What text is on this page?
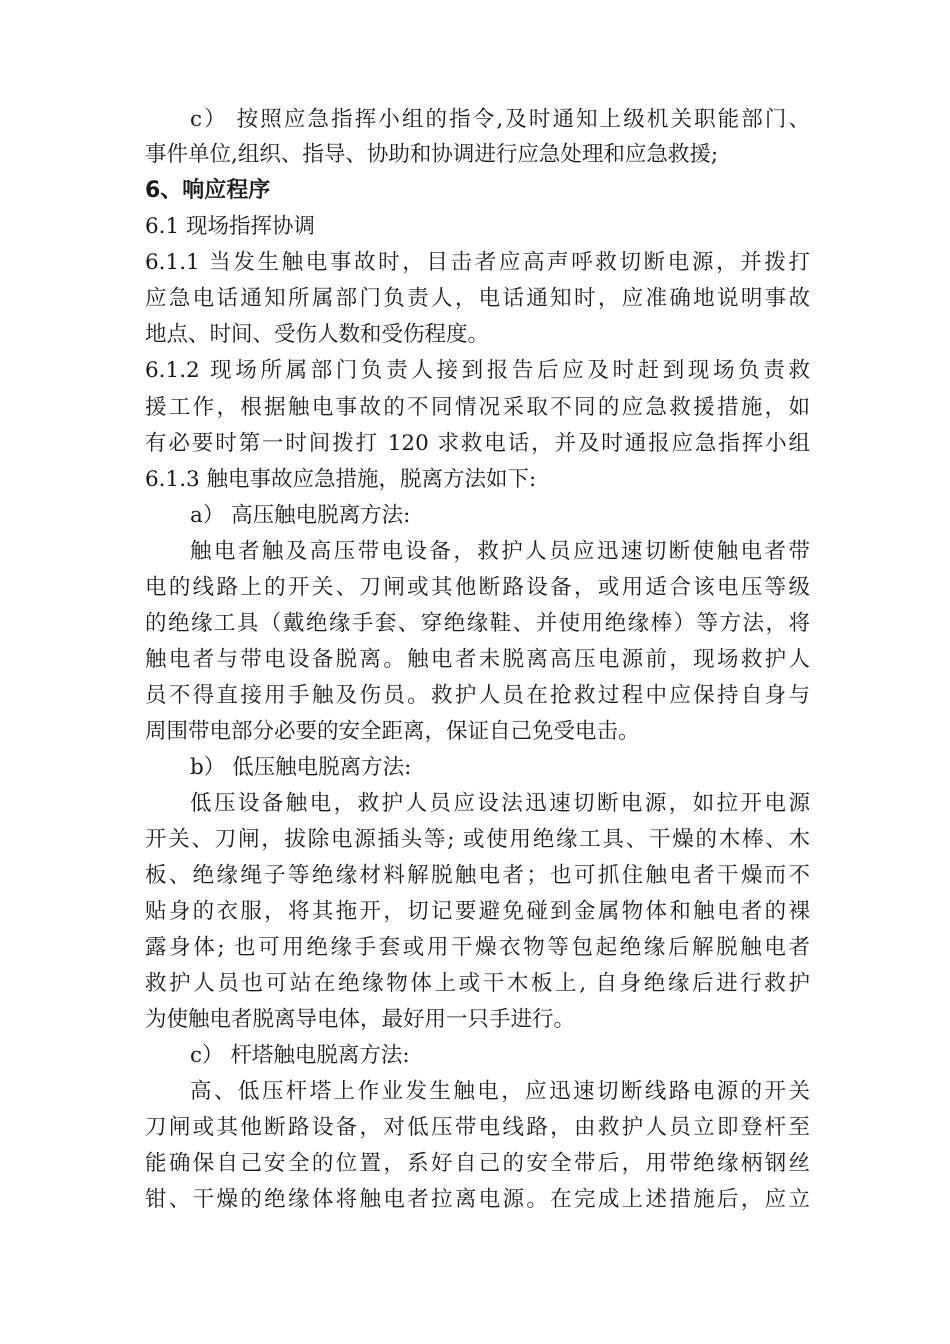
c） 按照应急指挥小组的指令,及时通知上级机关职能部门、
事件单位,组织、指导、协助和协调进行应急处理和应急救援;
6、响应程序
6.1 现场指挥协调
6.1.1 当发生触电事故时，目击者应高声呼救切断电源，并拨打
应急电话通知所属部门负责人，电话通知时，应准确地说明事故
地点、时间、受伤人数和受伤程度。
6.1.2 现场所属部门负责人接到报告后应及时赶到现场负责救
援工作，根据触电事故的不同情况采取不同的应急救援措施，如
有必要时第一时间拨打 120 求救电话，并及时通报应急指挥小组
6.1.3 触电事故应急措施，脱离方法如下:
a） 高压触电脱离方法:
触电者触及高压带电设备，救护人员应迅速切断使触电者带
电的线路上的开关、刀闸或其他断路设备，或用适合该电压等级
的绝缘工具（戴绝缘手套、穿绝缘鞋、并使用绝缘棒）等方法，将
触电者与带电设备脱离。触电者未脱离高压电源前，现场救护人
员不得直接用手触及伤员。救护人员在抢救过程中应保持自身与
周围带电部分必要的安全距离，保证自己免受电击。
b） 低压触电脱离方法:
低压设备触电，救护人员应设法迅速切断电源，如拉开电源
开关、刀闸，拔除电源插头等; 或使用绝缘工具、干燥的木棒、木
板、绝缘绳子等绝缘材料解脱触电者；也可抓住触电者干燥而不
贴身的衣服，将其拖开，切记要避免碰到金属物体和触电者的裸
露身体; 也可用绝缘手套或用干燥衣物等包起绝缘后解脱触电者
救护人员也可站在绝缘物体上或干木板上, 自身绝缘后进行救护
为使触电者脱离导电体，最好用一只手进行。
c） 杆塔触电脱离方法:
高、低压杆塔上作业发生触电，应迅速切断线路电源的开关
刀闸或其他断路设备，对低压带电线路，由救护人员立即登杆至
能确保自己安全的位置，系好自己的安全带后，用带绝缘柄钢丝
钳、干燥的绝缘体将触电者拉离电源。在完成上述措施后，应立
